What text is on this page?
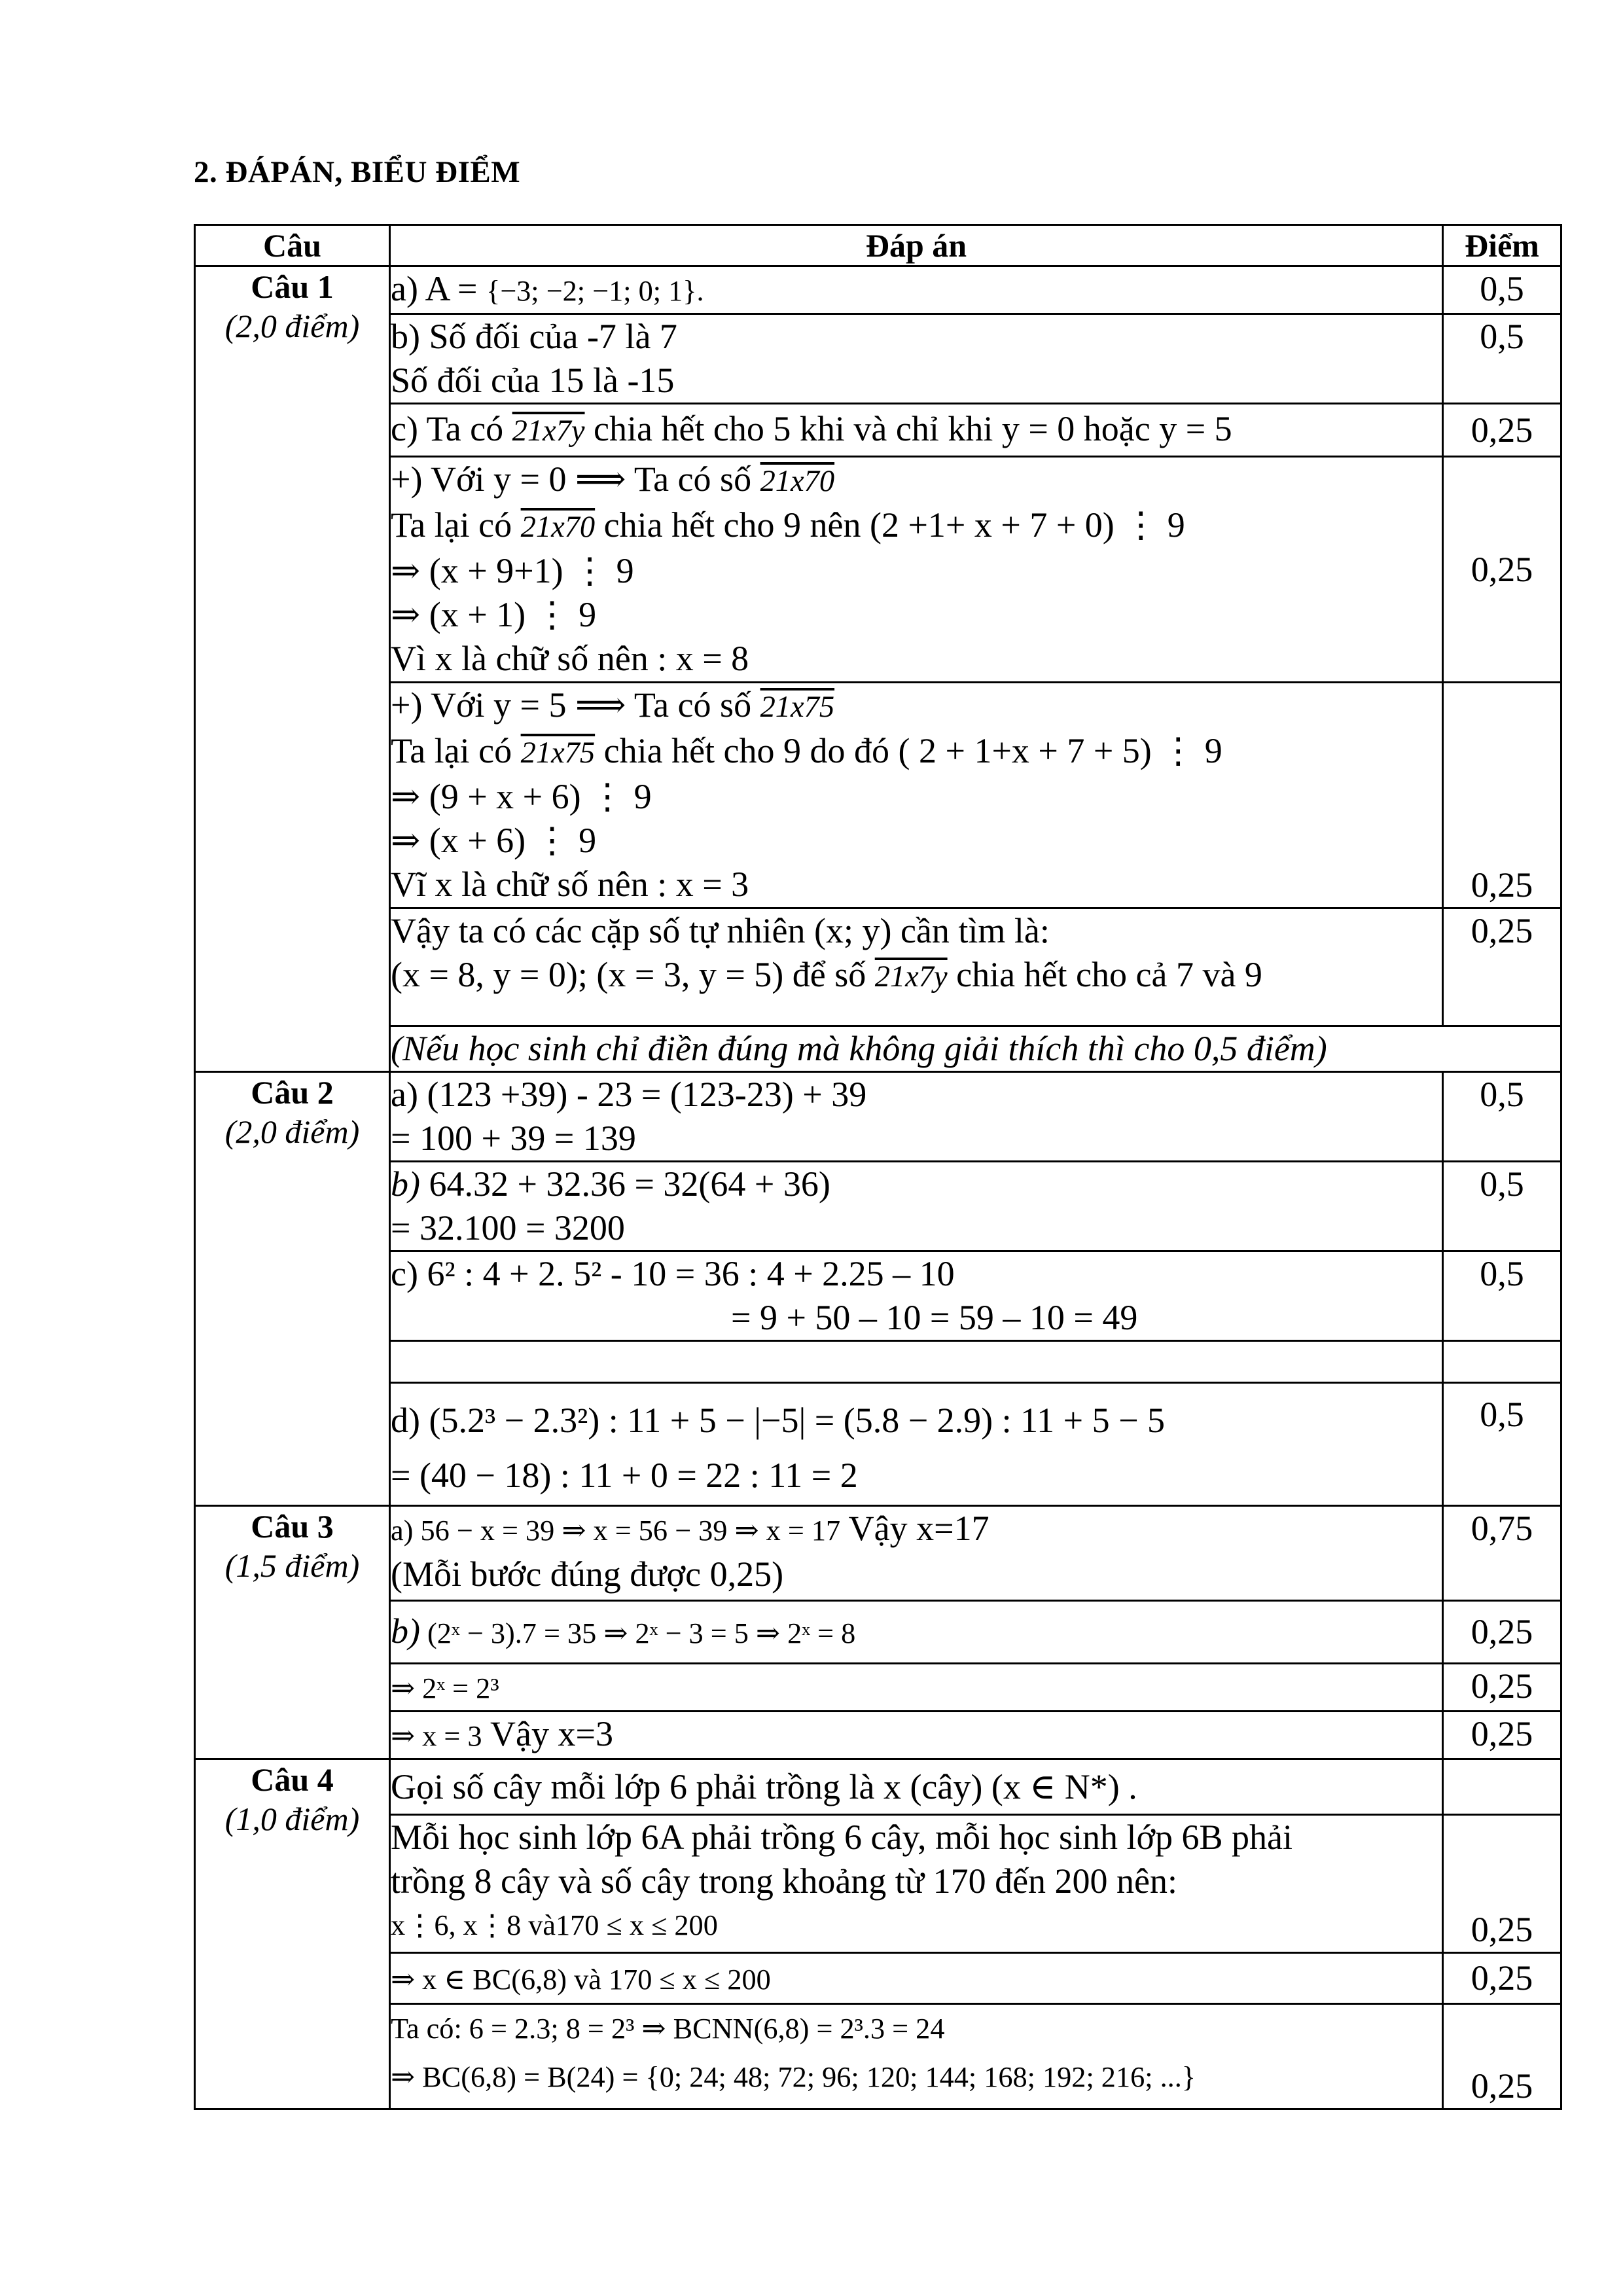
2. ĐÁPÁN, BIỂU ĐIỂM
Câu	Đáp án	Điểm

Câu 1
(2,0 điểm)	a) A = {−3; −2; −1; 0; 1}.	0,5

	b) Số đối của -7 là 7
Số đối của 15 là -15	0,5
	c) Ta có 21x7y chia hết cho 5 khi và chỉ khi y = 0 hoặc y = 5	0,25

	+) Với y = 0 ⟹ Ta có số 21x70
Ta lại có 21x70 chia hết cho 9 nên (2 +1+ x + 7 + 0) ⋮ 9
⇒ (x + 9+1) ⋮ 9
⇒ (x + 1) ⋮ 9
Vì x là chữ số nên : x = 8	0,25

	+) Với y = 5 ⟹ Ta có số 21x75
Ta lại có 21x75 chia hết cho 9 do đó ( 2 + 1+x + 7 + 5) ⋮ 9
⇒ (9 + x + 6) ⋮ 9
⇒ (x + 6) ⋮ 9
Vĩ x là chữ số nên : x = 3	0,25

	Vậy ta có các cặp số tự nhiên (x; y) cần tìm là:
(x = 8, y = 0); (x = 3, y = 5) để số 21x7y chia hết cho cả 7 và 9	0,25
	(Nếu học sinh chỉ điền đúng mà không giải thích thì cho 0,5 điểm)	

Câu 2
(2,0 điểm)	a) (123 +39) - 23 = (123-23) + 39
= 100 + 39 = 139	0,5

	b) 64.32 + 32.36 = 32(64 + 36)
= 32.100 = 3200	0,5

	c) 6² : 4 + 2. 5² - 10 = 36 : 4 + 2.25 – 10
= 9 + 50 – 10 = 59 – 10 = 49	0,5

	d) (5.2³ − 2.3²) : 11 + 5 − |−5| = (5.8 − 2.9) : 11 + 5 − 5
= (40 − 18) : 11 + 0 = 22 : 11 = 2	0,5

Câu 3
(1,5 điểm)	a) 56 − x = 39 ⇒ x = 56 − 39 ⇒ x = 17 Vậy x=17
(Mỗi bước đúng được 0,25)	0,75
	b) (2ˣ − 3).7 = 35 ⇒ 2ˣ − 3 = 5 ⇒ 2ˣ = 8	0,25
	⇒ 2ˣ = 2³	0,25
	⇒ x = 3 Vậy x=3	0,25

Câu 4
(1,0 điểm)	Gọi số cây mỗi lớp 6 phải trồng là x (cây) (x ∈ N*) .	

	Mỗi học sinh lớp 6A phải trồng 6 cây, mỗi học sinh lớp 6B phải
trồng 8 cây và số cây trong khoảng từ 170 đến 200 nên:
x⋮6, x⋮8 và170 ≤ x ≤ 200	0,25
	⇒ x ∈ BC(6,8) và 170 ≤ x ≤ 200	0,25

	Ta có: 6 = 2.3; 8 = 2³ ⇒ BCNN(6,8) = 2³.3 = 24
⇒ BC(6,8) = B(24) = {0; 24; 48; 72; 96; 120; 144; 168; 192; 216; ...}	0,25
